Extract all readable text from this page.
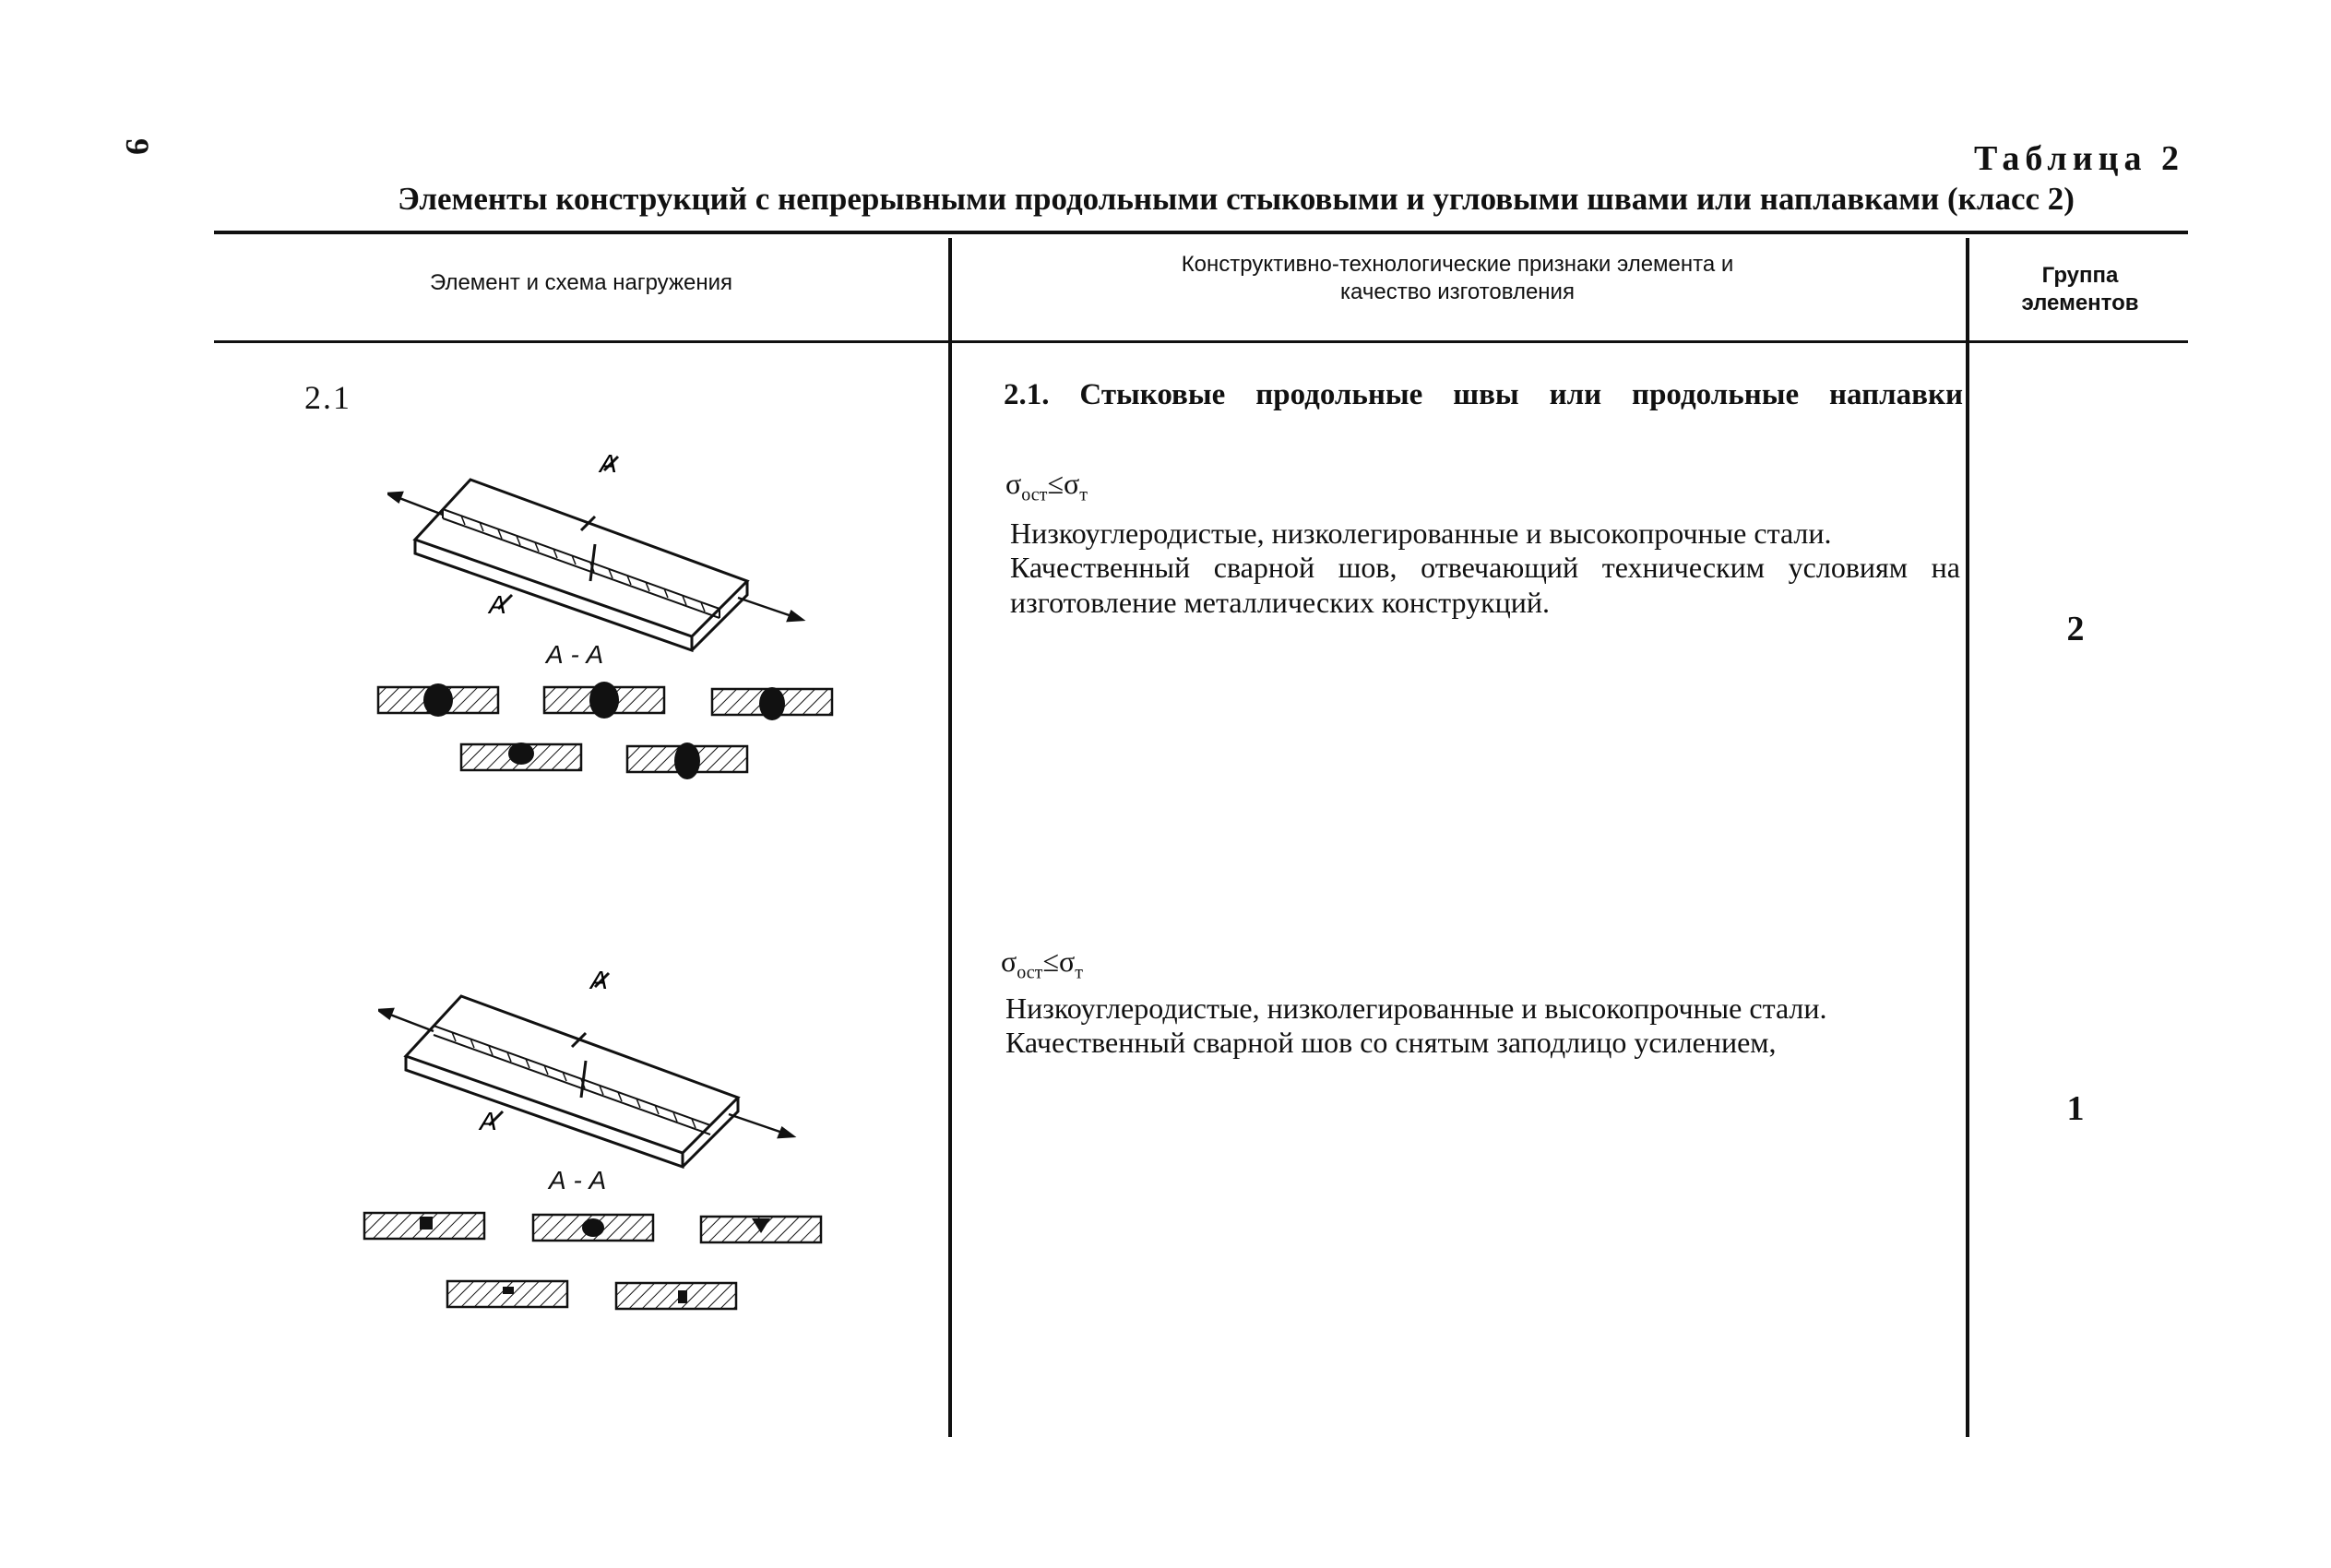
9	Таблица 2
Элементы конструкций с непрерывными продольными стыковыми и угловыми швами или наплавками (класс 2)
Элемент и схема нагружения
Конструктивно-технологические признаки элемента и
качество изготовления
Группа
элементов
2.1	2.1. Стыковые продольные швы или продольные наплавки
$\sigma_{ост}\le\sigma_т$
Низкоуглеродистые, низколегированные и высокопрочные стали.
Качественный сварной шов, отвечающий техническим условиям на изготовление металлических конструкций.
2
$\sigma_{ост}\le\sigma_т$
Низкоуглеродистые, низколегированные и высокопрочные стали.
Качественный сварной шов со снятым заподлицо усилением,
1
А
А
А - А
А
А
А - А
